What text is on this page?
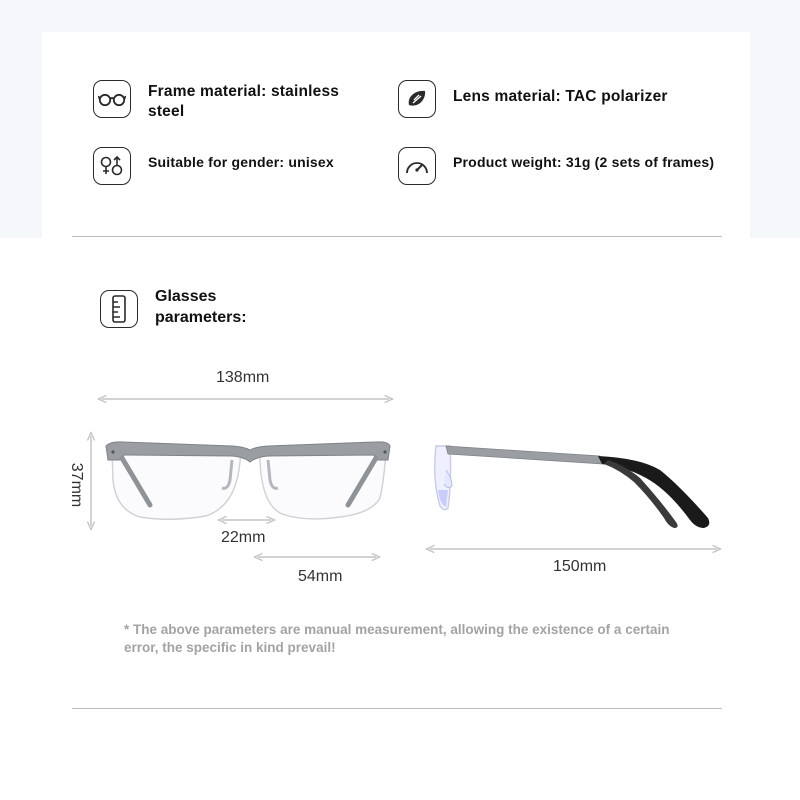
Frame material: stainless steel
Lens material: TAC polarizer
Suitable for gender: unisex	Product weight: 31g (2 sets of frames)
Glasses parameters:
138mm
37mm
22mm
54mm
150mm
* The above parameters are manual measurement, allowing the existence of a certain error, the specific in kind prevail!
